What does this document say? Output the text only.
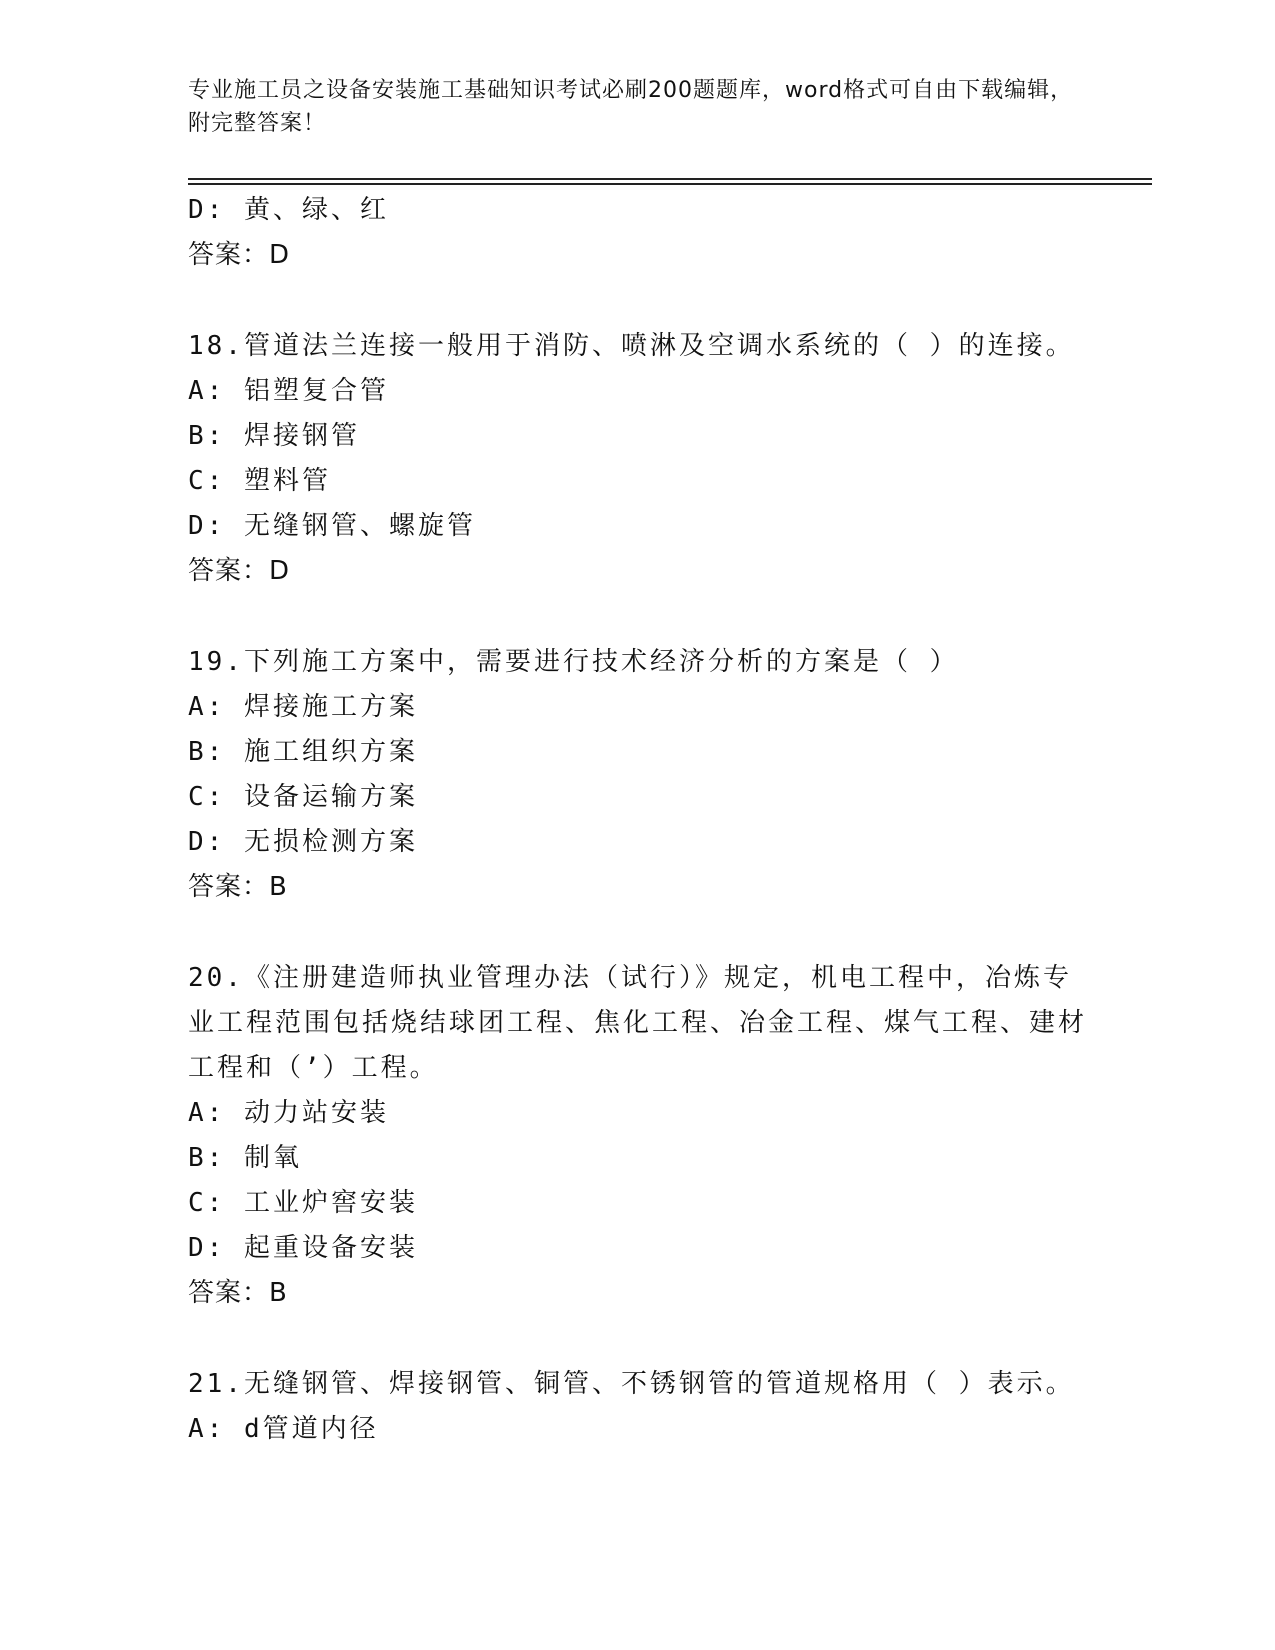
专业施工员之设备安装施工基础知识考试必刷200题题库，word格式可自由下载编辑，附完整答案！
D: 黄、绿、红
答案：D
18.管道法兰连接一般用于消防、喷淋及空调水系统的（ ）的连接。
A: 铝塑复合管
B: 焊接钢管
C: 塑料管
D: 无缝钢管、螺旋管
答案：D
19.下列施工方案中，需要进行技术经济分析的方案是（ ）
A: 焊接施工方案
B: 施工组织方案
C: 设备运输方案
D: 无损检测方案
答案：B
20.《注册建造师执业管理办法（试行）》规定，机电工程中，冶炼专业工程范围包括烧结球团工程、焦化工程、冶金工程、煤气工程、建材工程和（’）工程。
A: 动力站安装
B: 制氧
C: 工业炉窖安装
D: 起重设备安装
答案：B
21.无缝钢管、焊接钢管、铜管、不锈钢管的管道规格用（ ）表示。
A: d管道内径
